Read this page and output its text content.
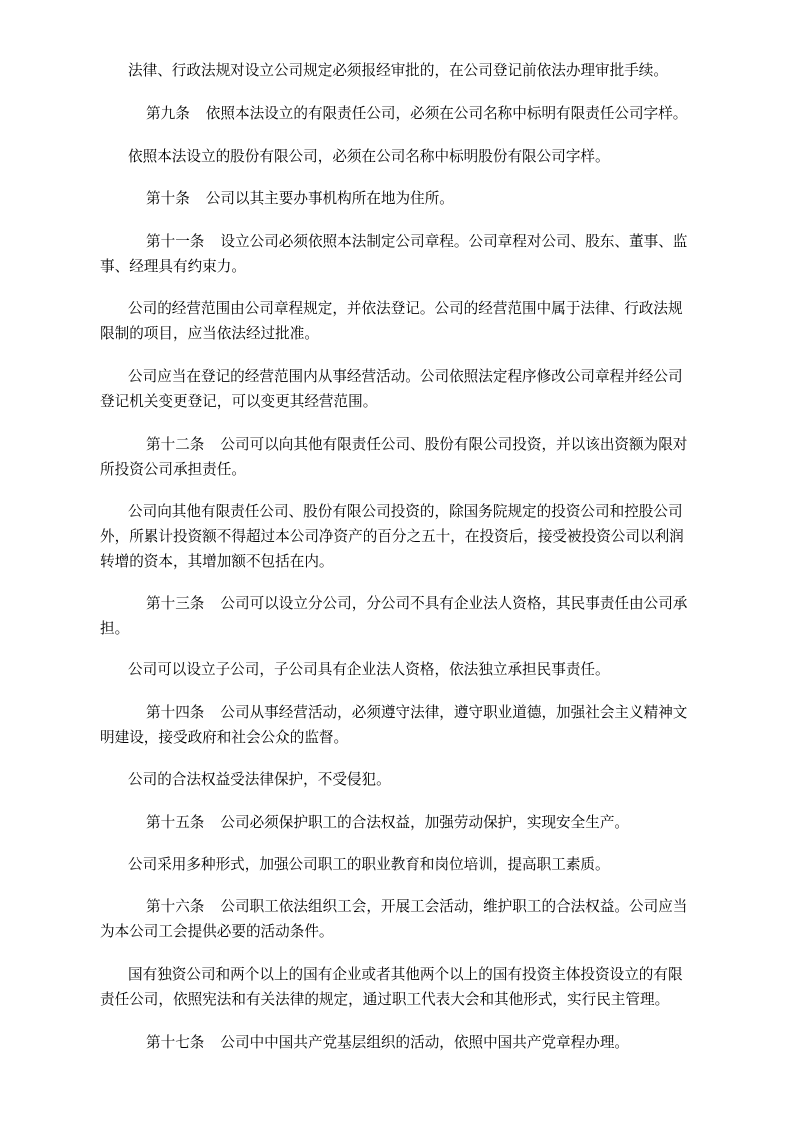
法律、行政法规对设立公司规定必须报经审批的，在公司登记前依法办理审批手续。
第九条 依照本法设立的有限责任公司，必须在公司名称中标明有限责任公司字样。
依照本法设立的股份有限公司，必须在公司名称中标明股份有限公司字样。
第十条 公司以其主要办事机构所在地为住所。
第十一条 设立公司必须依照本法制定公司章程。公司章程对公司、股东、董事、监
事、经理具有约束力。
公司的经营范围由公司章程规定，并依法登记。公司的经营范围中属于法律、行政法规
限制的项目，应当依法经过批准。
公司应当在登记的经营范围内从事经营活动。公司依照法定程序修改公司章程并经公司
登记机关变更登记，可以变更其经营范围。
第十二条 公司可以向其他有限责任公司、股份有限公司投资，并以该出资额为限对
所投资公司承担责任。
公司向其他有限责任公司、股份有限公司投资的，除国务院规定的投资公司和控股公司
外，所累计投资额不得超过本公司净资产的百分之五十，在投资后，接受被投资公司以利润
转增的资本，其增加额不包括在内。
第十三条 公司可以设立分公司，分公司不具有企业法人资格，其民事责任由公司承
担。
公司可以设立子公司，子公司具有企业法人资格，依法独立承担民事责任。
第十四条 公司从事经营活动，必须遵守法律，遵守职业道德，加强社会主义精神文
明建设，接受政府和社会公众的监督。
公司的合法权益受法律保护，不受侵犯。
第十五条 公司必须保护职工的合法权益，加强劳动保护，实现安全生产。
公司采用多种形式，加强公司职工的职业教育和岗位培训，提高职工素质。
第十六条 公司职工依法组织工会，开展工会活动，维护职工的合法权益。公司应当
为本公司工会提供必要的活动条件。
国有独资公司和两个以上的国有企业或者其他两个以上的国有投资主体投资设立的有限
责任公司，依照宪法和有关法律的规定，通过职工代表大会和其他形式，实行民主管理。
第十七条 公司中中国共产党基层组织的活动，依照中国共产党章程办理。
